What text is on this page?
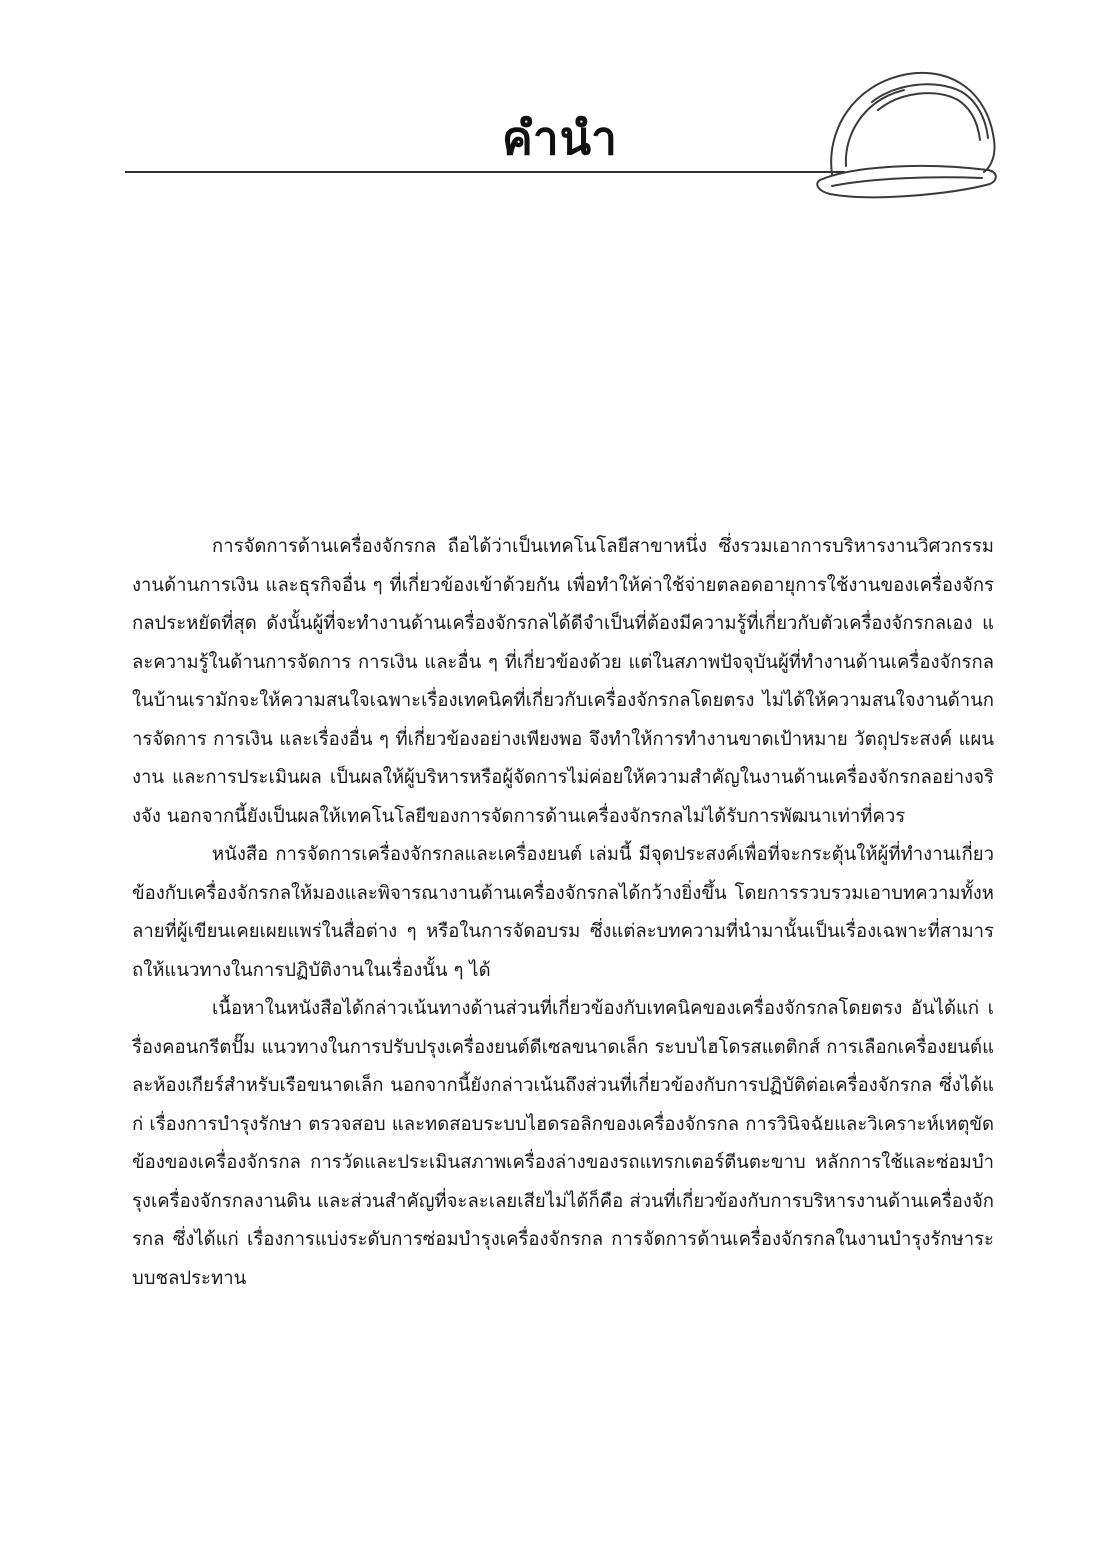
คำนำ

การจัดการด้านเครื่องจักรกล ถือได้ว่าเป็นเทคโนโลยีสาขาหนึ่ง ซึ่งรวมเอาการบริหารงานวิศวกรรม งานด้านการเงิน และธุรกิจอื่น ๆ ที่เกี่ยวข้องเข้าด้วยกัน เพื่อทำให้ค่าใช้จ่ายตลอดอายุการใช้งานของเครื่องจักรกลประหยัดที่สุด ดังนั้นผู้ที่จะทำงานด้านเครื่องจักรกลได้ดีจำเป็นที่ต้องมีความรู้ที่เกี่ยวกับตัวเครื่องจักรกลเอง และความรู้ในด้านการจัดการ การเงิน และอื่น ๆ ที่เกี่ยวข้องด้วย แต่ในสภาพปัจจุบันผู้ที่ทำงานด้านเครื่องจักรกลในบ้านเรามักจะให้ความสนใจเฉพาะเรื่องเทคนิคที่เกี่ยวกับเครื่องจักรกลโดยตรง ไม่ได้ให้ความสนใจงานด้านการจัดการ การเงิน และเรื่องอื่น ๆ ที่เกี่ยวข้องอย่างเพียงพอ จึงทำให้การทำงานขาดเป้าหมาย วัตถุประสงค์ แผนงาน และการประเมินผล เป็นผลให้ผู้บริหารหรือผู้จัดการไม่ค่อยให้ความสำคัญในงานด้านเครื่องจักรกลอย่างจริงจัง นอกจากนี้ยังเป็นผลให้เทคโนโลยีของการจัดการด้านเครื่องจักรกลไม่ได้รับการพัฒนาเท่าที่ควร

หนังสือ การจัดการเครื่องจักรกลและเครื่องยนต์ เล่มนี้ มีจุดประสงค์เพื่อที่จะกระตุ้นให้ผู้ที่ทำงานเกี่ยวข้องกับเครื่องจักรกลให้มองและพิจารณางานด้านเครื่องจักรกลได้กว้างยิ่งขึ้น โดยการรวบรวมเอาบทความทั้งหลายที่ผู้เขียนเคยเผยแพร่ในสื่อต่าง ๆ หรือในการจัดอบรม ซึ่งแต่ละบทความที่นำมานั้นเป็นเรื่องเฉพาะที่สามารถให้แนวทางในการปฏิบัติงานในเรื่องนั้น ๆ ได้

เนื้อหาในหนังสือได้กล่าวเน้นทางด้านส่วนที่เกี่ยวข้องกับเทคนิคของเครื่องจักรกลโดยตรง อันได้แก่ เรื่องคอนกรีตปั๊ม แนวทางในการปรับปรุงเครื่องยนต์ดีเซลขนาดเล็ก ระบบไฮโดรสแตติกส์ การเลือกเครื่องยนต์และห้องเกียร์สำหรับเรือขนาดเล็ก นอกจากนี้ยังกล่าวเน้นถึงส่วนที่เกี่ยวข้องกับการปฏิบัติต่อเครื่องจักรกล ซึ่งได้แก่ เรื่องการบำรุงรักษา ตรวจสอบ และทดสอบระบบไฮดรอลิกของเครื่องจักรกล การวินิจฉัยและวิเคราะห์เหตุขัดข้องของเครื่องจักรกล การวัดและประเมินสภาพเครื่องล่างของรถแทรกเตอร์ตีนตะขาบ หลักการใช้และซ่อมบำรุงเครื่องจักรกลงานดิน และส่วนสำคัญที่จะละเลยเสียไม่ได้ก็คือ ส่วนที่เกี่ยวข้องกับการบริหารงานด้านเครื่องจักรกล ซึ่งได้แก่ เรื่องการแบ่งระดับการซ่อมบำรุงเครื่องจักรกล การจัดการด้านเครื่องจักรกลในงานบำรุงรักษาระบบชลประทาน
